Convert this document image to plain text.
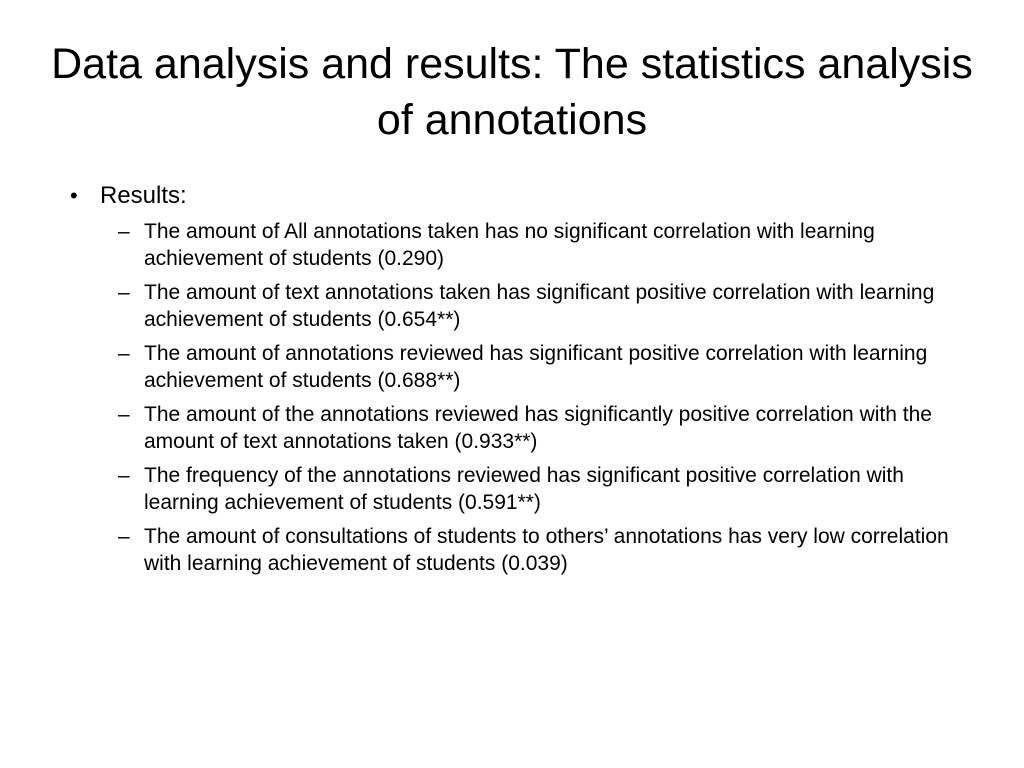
Data analysis and results: The statistics analysis of annotations
• Results:
– The amount of All annotations taken has no significant correlation with learning achievement of students (0.290)
– The amount of text annotations taken has significant positive correlation with learning achievement of students (0.654**)
– The amount of annotations reviewed has significant positive correlation with learning achievement of students (0.688**)
– The amount of the annotations reviewed has significantly positive correlation with the amount of text annotations taken (0.933**)
– The frequency of the annotations reviewed has significant positive correlation with learning achievement of students (0.591**)
– The amount of consultations of students to others’ annotations has very low correlation with learning achievement of students (0.039)
